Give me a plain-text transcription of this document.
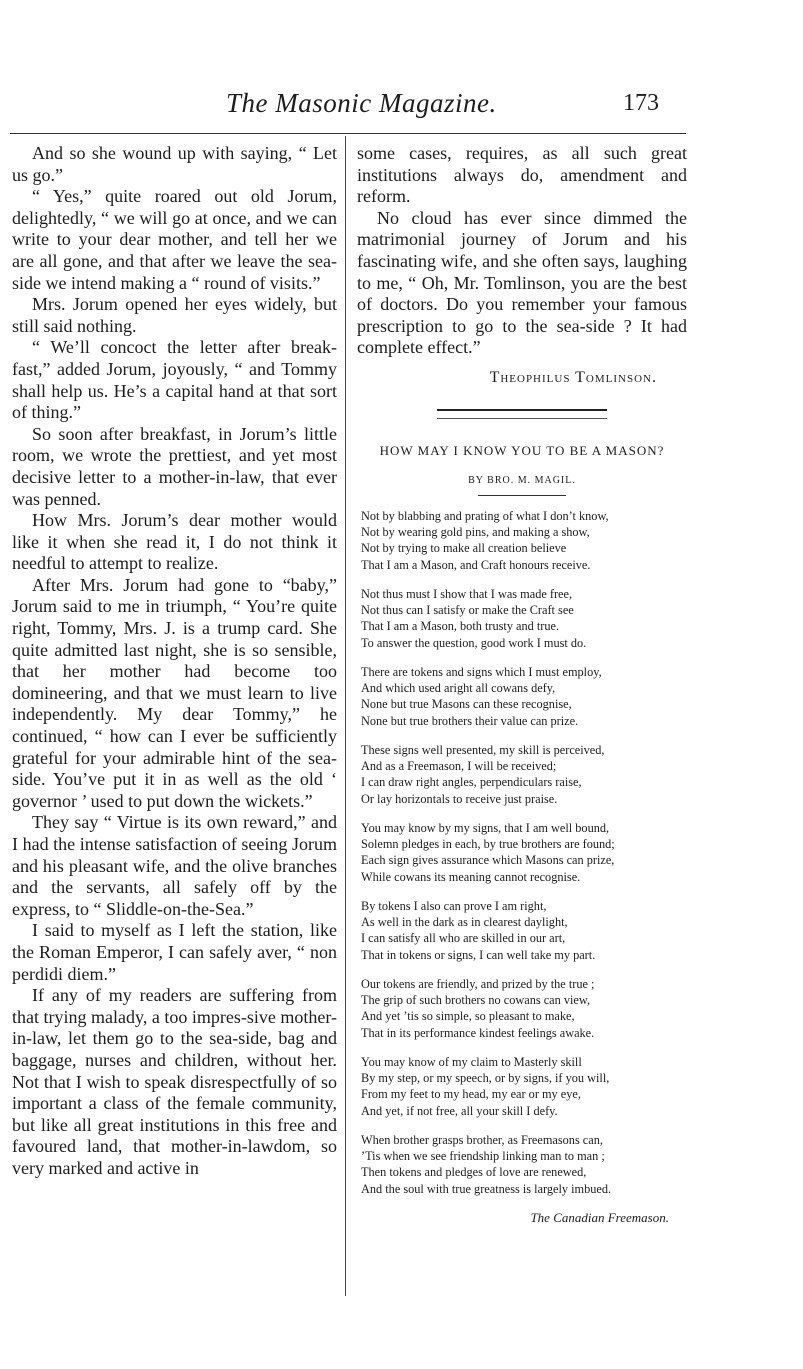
The Masonic Magazine.	173

And so she wound up with saying, “ Let us go.”

“ Yes,” quite roared out old Jorum, delightedly, “ we will go at once, and we can write to your dear mother, and tell her we are all gone, and that after we leave the sea-side we intend making a “ round of visits.”

Mrs. Jorum opened her eyes widely, but still said nothing.

“ We’ll concoct the letter after break-fast,” added Jorum, joyously, “ and Tommy shall help us. He’s a capital hand at that sort of thing.”

So soon after breakfast, in Jorum’s little room, we wrote the prettiest, and yet most decisive letter to a mother-in-law, that ever was penned.

How Mrs. Jorum’s dear mother would like it when she read it, I do not think it needful to attempt to realize.

After Mrs. Jorum had gone to “baby,” Jorum said to me in triumph, “ You’re quite right, Tommy, Mrs. J. is a trump card. She quite admitted last night, she is so sensible, that her mother had become too domineering, and that we must learn to live independently. My dear Tommy,” he continued, “ how can I ever be sufficiently grateful for your admirable hint of the sea-side. You’ve put it in as well as the old ‘ governor ’ used to put down the wickets.”

They say “ Virtue is its own reward,” and I had the intense satisfaction of seeing Jorum and his pleasant wife, and the olive branches and the servants, all safely off by the express, to “ Sliddle-on-the-Sea.”

I said to myself as I left the station, like the Roman Emperor, I can safely aver, “ non perdidi diem.”

If any of my readers are suffering from that trying malady, a too impres-sive mother-in-law, let them go to the sea-side, bag and baggage, nurses and children, without her. Not that I wish to speak disrespectfully of so important a class of the female community, but like all great institutions in this free and favoured land, that mother-in-lawdom, so very marked and active in

some cases, requires, as all such great institutions always do, amendment and reform.

No cloud has ever since dimmed the matrimonial journey of Jorum and his fascinating wife, and she often says, laughing to me, “ Oh, Mr. Tomlinson, you are the best of doctors. Do you remember your famous prescription to go to the sea-side ? It had complete effect.”

Theophilus Tomlinson.
HOW MAY I KNOW YOU TO BE A MASON?
BY BRO. M. MAGIL.
Not by blabbing and prating of what I don’t know,
Not by wearing gold pins, and making a show,
Not by trying to make all creation believe
That I am a Mason, and Craft honours receive.
Not thus must I show that I was made free,
Not thus can I satisfy or make the Craft see
That I am a Mason, both trusty and true.
To answer the question, good work I must do.
There are tokens and signs which I must employ,
And which used aright all cowans defy,
None but true Masons can these recognise,
None but true brothers their value can prize.
These signs well presented, my skill is perceived,
And as a Freemason, I will be received;
I can draw right angles, perpendiculars raise,
Or lay horizontals to receive just praise.
You may know by my signs, that I am well bound,
Solemn pledges in each, by true brothers are found;
Each sign gives assurance which Masons can prize,
While cowans its meaning cannot recognise.
By tokens I also can prove I am right,
As well in the dark as in clearest daylight,
I can satisfy all who are skilled in our art,
That in tokens or signs, I can well take my part.
Our tokens are friendly, and prized by the true ;
The grip of such brothers no cowans can view,
And yet ’tis so simple, so pleasant to make,
That in its performance kindest feelings awake.
You may know of my claim to Masterly skill
By my step, or my speech, or by signs, if you will,
From my feet to my head, my ear or my eye,
And yet, if not free, all your skill I defy.
When brother grasps brother, as Freemasons can,
’Tis when we see friendship linking man to man ;
Then tokens and pledges of love are renewed,
And the soul with true greatness is largely imbued.
The Canadian Freemason.
